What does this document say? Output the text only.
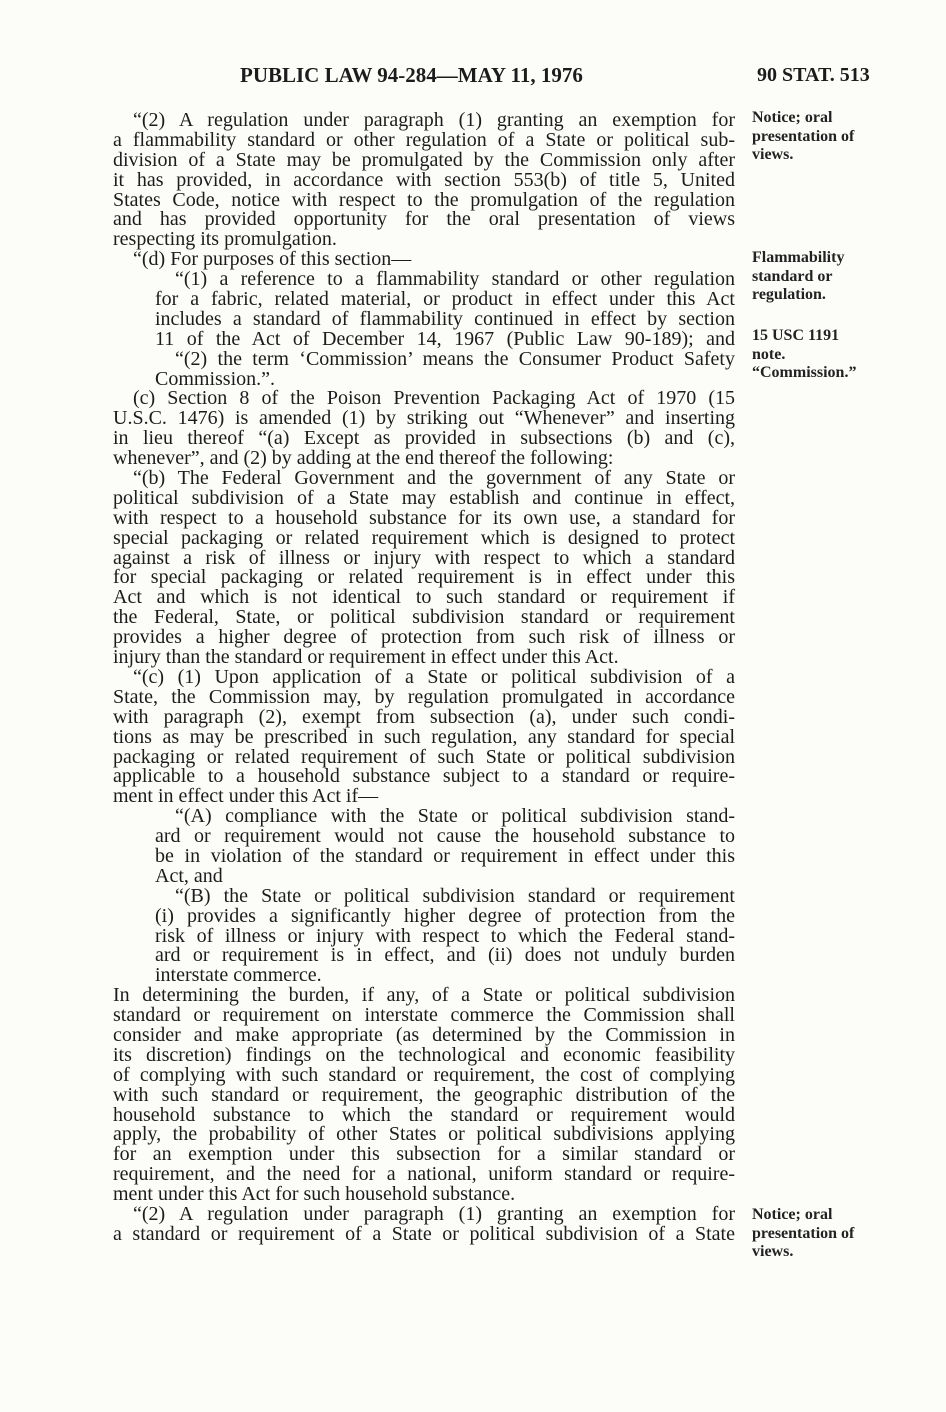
PUBLIC LAW 94-284—MAY 11, 1976	90 STAT. 513
“(2) A regulation under paragraph (1) granting an exemption for
a flammability standard or other regulation of a State or political sub-
division of a State may be promulgated by the Commission only after
it has provided, in accordance with section 553(b) of title 5, United
States Code, notice with respect to the promulgation of the regulation
and has provided opportunity for the oral presentation of views
respecting its promulgation.
“(d) For purposes of this section—
“(1) a reference to a flammability standard or other regulation
for a fabric, related material, or product in effect under this Act
includes a standard of flammability continued in effect by section
11 of the Act of December 14, 1967 (Public Law 90-189); and
“(2) the term ‘Commission’ means the Consumer Product Safety
Commission.”.
(c) Section 8 of the Poison Prevention Packaging Act of 1970 (15
U.S.C. 1476) is amended (1) by striking out “Whenever” and inserting
in lieu thereof “(a) Except as provided in subsections (b) and (c),
whenever”, and (2) by adding at the end thereof the following:
“(b) The Federal Government and the government of any State or
political subdivision of a State may establish and continue in effect,
with respect to a household substance for its own use, a standard for
special packaging or related requirement which is designed to protect
against a risk of illness or injury with respect to which a standard
for special packaging or related requirement is in effect under this
Act and which is not identical to such standard or requirement if
the Federal, State, or political subdivision standard or requirement
provides a higher degree of protection from such risk of illness or
injury than the standard or requirement in effect under this Act.
“(c) (1) Upon application of a State or political subdivision of a
State, the Commission may, by regulation promulgated in accordance
with paragraph (2), exempt from subsection (a), under such condi-
tions as may be prescribed in such regulation, any standard for special
packaging or related requirement of such State or political subdivision
applicable to a household substance subject to a standard or require-
ment in effect under this Act if—
“(A) compliance with the State or political subdivision stand-
ard or requirement would not cause the household substance to
be in violation of the standard or requirement in effect under this
Act, and
“(B) the State or political subdivision standard or requirement
(i) provides a significantly higher degree of protection from the
risk of illness or injury with respect to which the Federal stand-
ard or requirement is in effect, and (ii) does not unduly burden
interstate commerce.
In determining the burden, if any, of a State or political subdivision
standard or requirement on interstate commerce the Commission shall
consider and make appropriate (as determined by the Commission in
its discretion) findings on the technological and economic feasibility
of complying with such standard or requirement, the cost of complying
with such standard or requirement, the geographic distribution of the
household substance to which the standard or requirement would
apply, the probability of other States or political subdivisions applying
for an exemption under this subsection for a similar standard or
requirement, and the need for a national, uniform standard or require-
ment under this Act for such household substance.
“(2) A regulation under paragraph (1) granting an exemption for
a standard or requirement of a State or political subdivision of a State
Notice; oral
presentation of
views.
Flammability
standard or
regulation.
15 USC 1191
note.
“Commission.”
Notice; oral
presentation of
views.
